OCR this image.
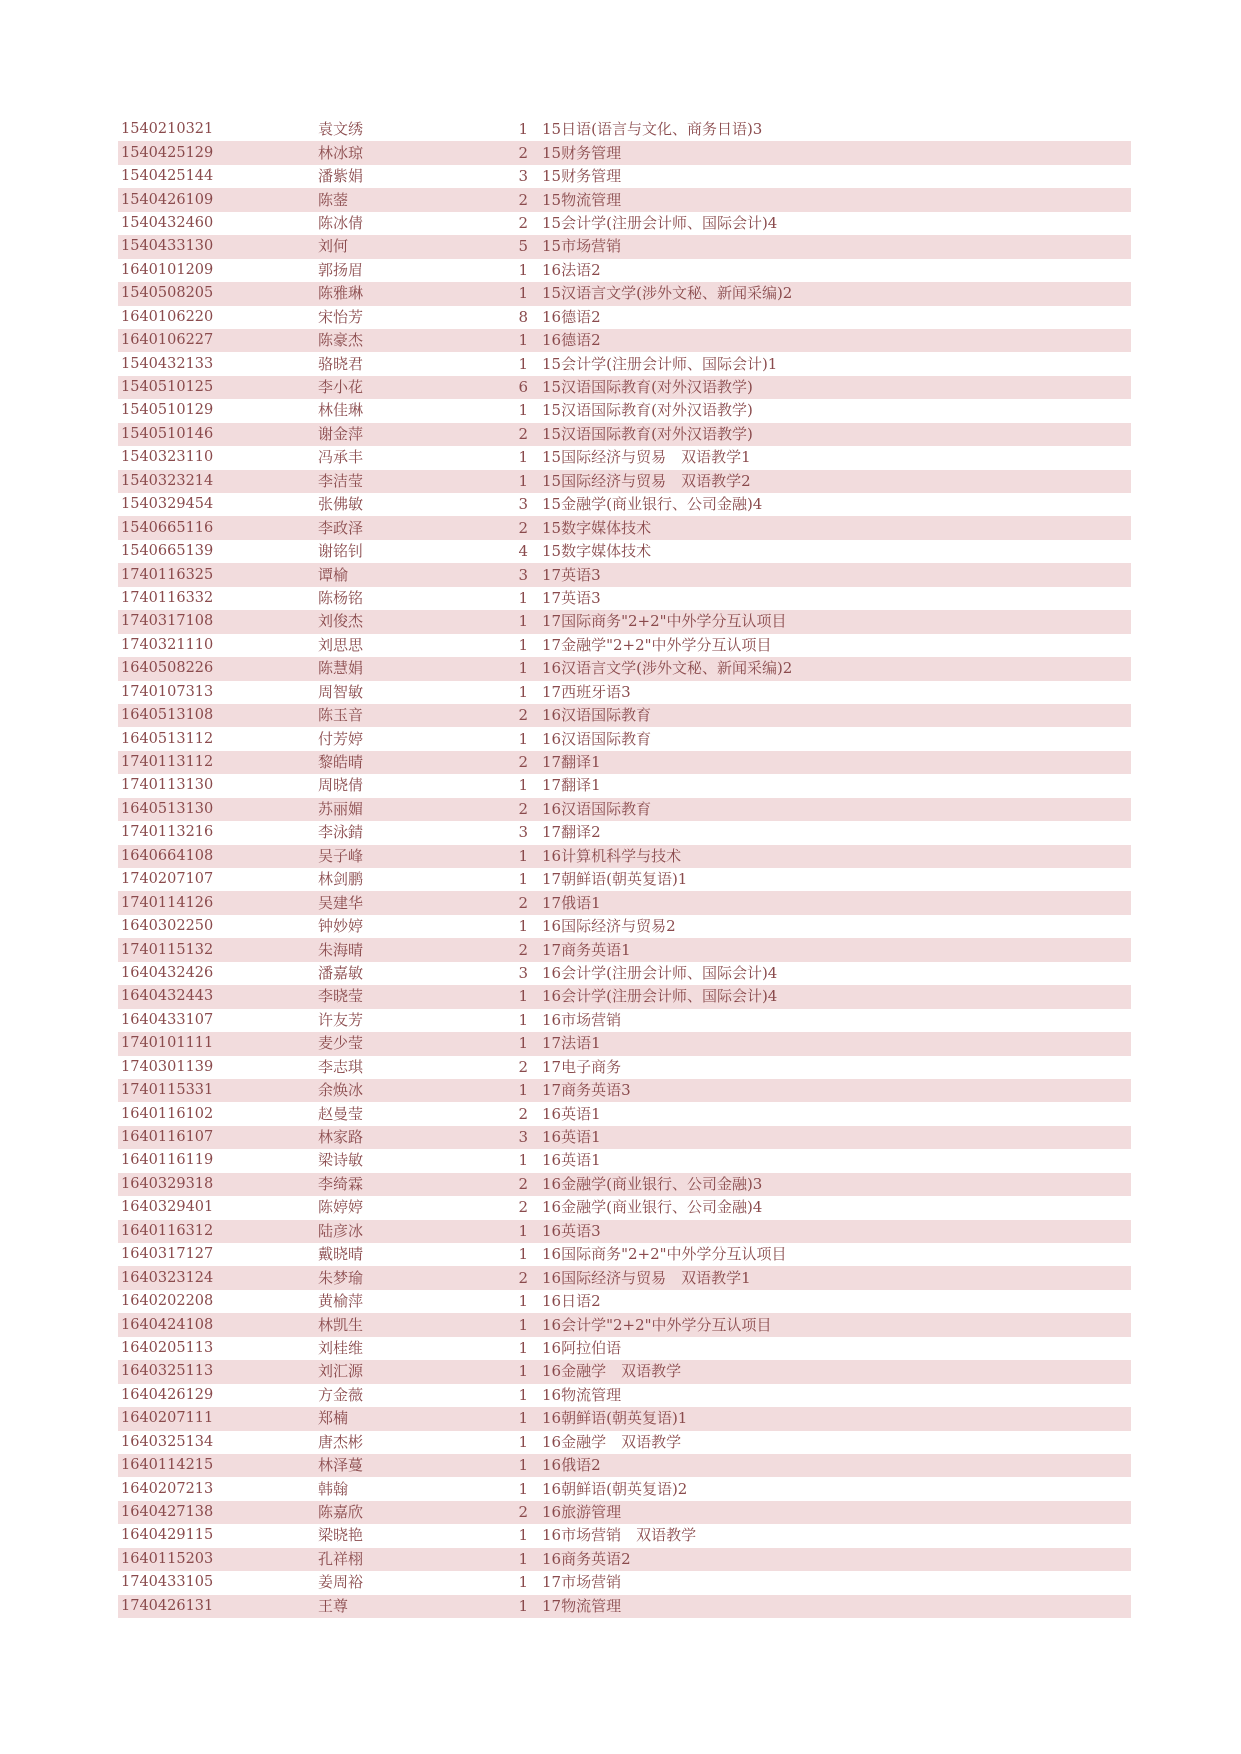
1540210321	袁文绣	1 15日语(语言与文化、商务日语)3
1540425129	林冰琼	2 15财务管理
1540425144	潘紫娟	3 15财务管理
1540426109	陈蓥	2 15物流管理
1540432460	陈冰倩	2 15会计学(注册会计师、国际会计)4
1540433130	刘何	5 15市场营销
1640101209	郭扬眉	1 16法语2
1540508205	陈雅琳	1 15汉语言文学(涉外文秘、新闻采编)2
1640106220	宋怡芳	8 16德语2
1640106227	陈豪杰	1 16德语2
1540432133	骆晓君	1 15会计学(注册会计师、国际会计)1
1540510125	李小花	6 15汉语国际教育(对外汉语教学)
1540510129	林佳琳	1 15汉语国际教育(对外汉语教学)
1540510146	谢金萍	2 15汉语国际教育(对外汉语教学)
1540323110	冯承丰	1 15国际经济与贸易　双语教学1
1540323214	李洁莹	1 15国际经济与贸易　双语教学2
1540329454	张佛敏	3 15金融学(商业银行、公司金融)4
1540665116	李政泽	2 15数字媒体技术
1540665139	谢铭钊	4 15数字媒体技术
1740116325	谭榆	3 17英语3
1740116332	陈杨铭	1 17英语3
1740317108	刘俊杰	1 17国际商务"2+2"中外学分互认项目
1740321110	刘思思	1 17金融学"2+2"中外学分互认项目
1640508226	陈慧娟	1 16汉语言文学(涉外文秘、新闻采编)2
1740107313	周智敏	1 17西班牙语3
1640513108	陈玉音	2 16汉语国际教育
1640513112	付芳婷	1 16汉语国际教育
1740113112	黎皓晴	2 17翻译1
1740113130	周晓倩	1 17翻译1
1640513130	苏丽媚	2 16汉语国际教育
1740113216	李泳錆	3 17翻译2
1640664108	吴子峰	1 16计算机科学与技术
1740207107	林剑鹏	1 17朝鲜语(朝英复语)1
1740114126	吴建华	2 17俄语1
1640302250	钟妙婷	1 16国际经济与贸易2
1740115132	朱海晴	2 17商务英语1
1640432426	潘嘉敏	3 16会计学(注册会计师、国际会计)4
1640432443	李晓莹	1 16会计学(注册会计师、国际会计)4
1640433107	许友芳	1 16市场营销
1740101111	麦少莹	1 17法语1
1740301139	李志琪	2 17电子商务
1740115331	余焕冰	1 17商务英语3
1640116102	赵曼莹	2 16英语1
1640116107	林家路	3 16英语1
1640116119	梁诗敏	1 16英语1
1640329318	李绮霖	2 16金融学(商业银行、公司金融)3
1640329401	陈婷婷	2 16金融学(商业银行、公司金融)4
1640116312	陆彦冰	1 16英语3
1640317127	戴晓晴	1 16国际商务"2+2"中外学分互认项目
1640323124	朱梦瑜	2 16国际经济与贸易　双语教学1
1640202208	黄榆萍	1 16日语2
1640424108	林凯生	1 16会计学"2+2"中外学分互认项目
1640205113	刘桂维	1 16阿拉伯语
1640325113	刘汇源	1 16金融学　双语教学
1640426129	方金薇	1 16物流管理
1640207111	郑楠	1 16朝鲜语(朝英复语)1
1640325134	唐杰彬	1 16金融学　双语教学
1640114215	林泽蔓	1 16俄语2
1640207213	韩翰	1 16朝鲜语(朝英复语)2
1640427138	陈嘉欣	2 16旅游管理
1640429115	梁晓艳	1 16市场营销　双语教学
1640115203	孔祥栩	1 16商务英语2
1740433105	姜周裕	1 17市场营销
1740426131	王尊	1 17物流管理
